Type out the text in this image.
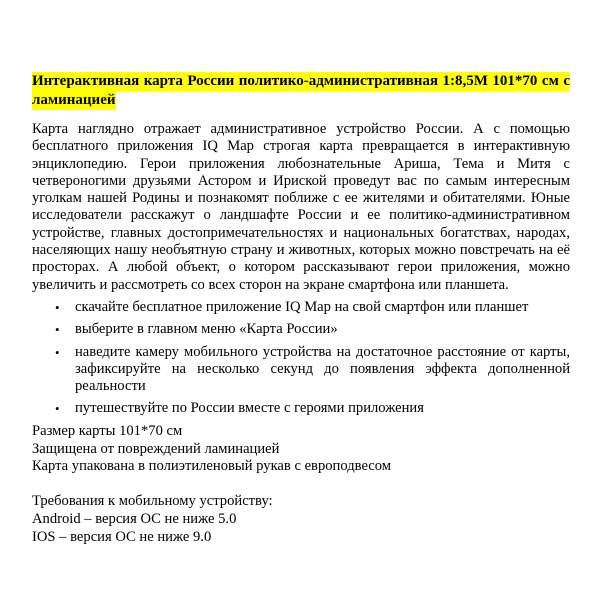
Интерактивная карта России политико-административная 1:8,5М 101*70 см с ламинацией

Карта наглядно отражает административное устройство России. А с помощью бесплатного приложения IQ Map строгая карта превращается в интерактивную энциклопедию. Герои приложения любознательные Ариша, Тема и Митя с четвероногими друзьями Астором и Ириской проведут вас по самым интересным уголкам нашей Родины и познакомят поближе с ее жителями и обитателями. Юные исследователи расскажут о ландшафте России и ее политико-административном устройстве, главных достопримечательностях и национальных богатствах, народах, населяющих нашу необъятную страну и животных, которых можно повстречать на её просторах. А любой объект, о котором рассказывают герои приложения, можно увеличить и рассмотреть со всех сторон на экране смартфона или планшета.

•	скачайте бесплатное приложение IQ Map на свой смартфон или планшет
•	выберите в главном меню «Карта России»
•	наведите камеру мобильного устройства на достаточное расстояние от карты, зафиксируйте на несколько секунд до появления эффекта дополненной реальности
•	путешествуйте по России вместе с героями приложения

Размер карты 101*70 см

Защищена от повреждений ламинацией

Карта упакована в полиэтиленовый рукав с европодвесом

Требования к мобильному устройству:

Android – версия ОС не ниже 5.0

IOS – версия ОС не ниже 9.0
